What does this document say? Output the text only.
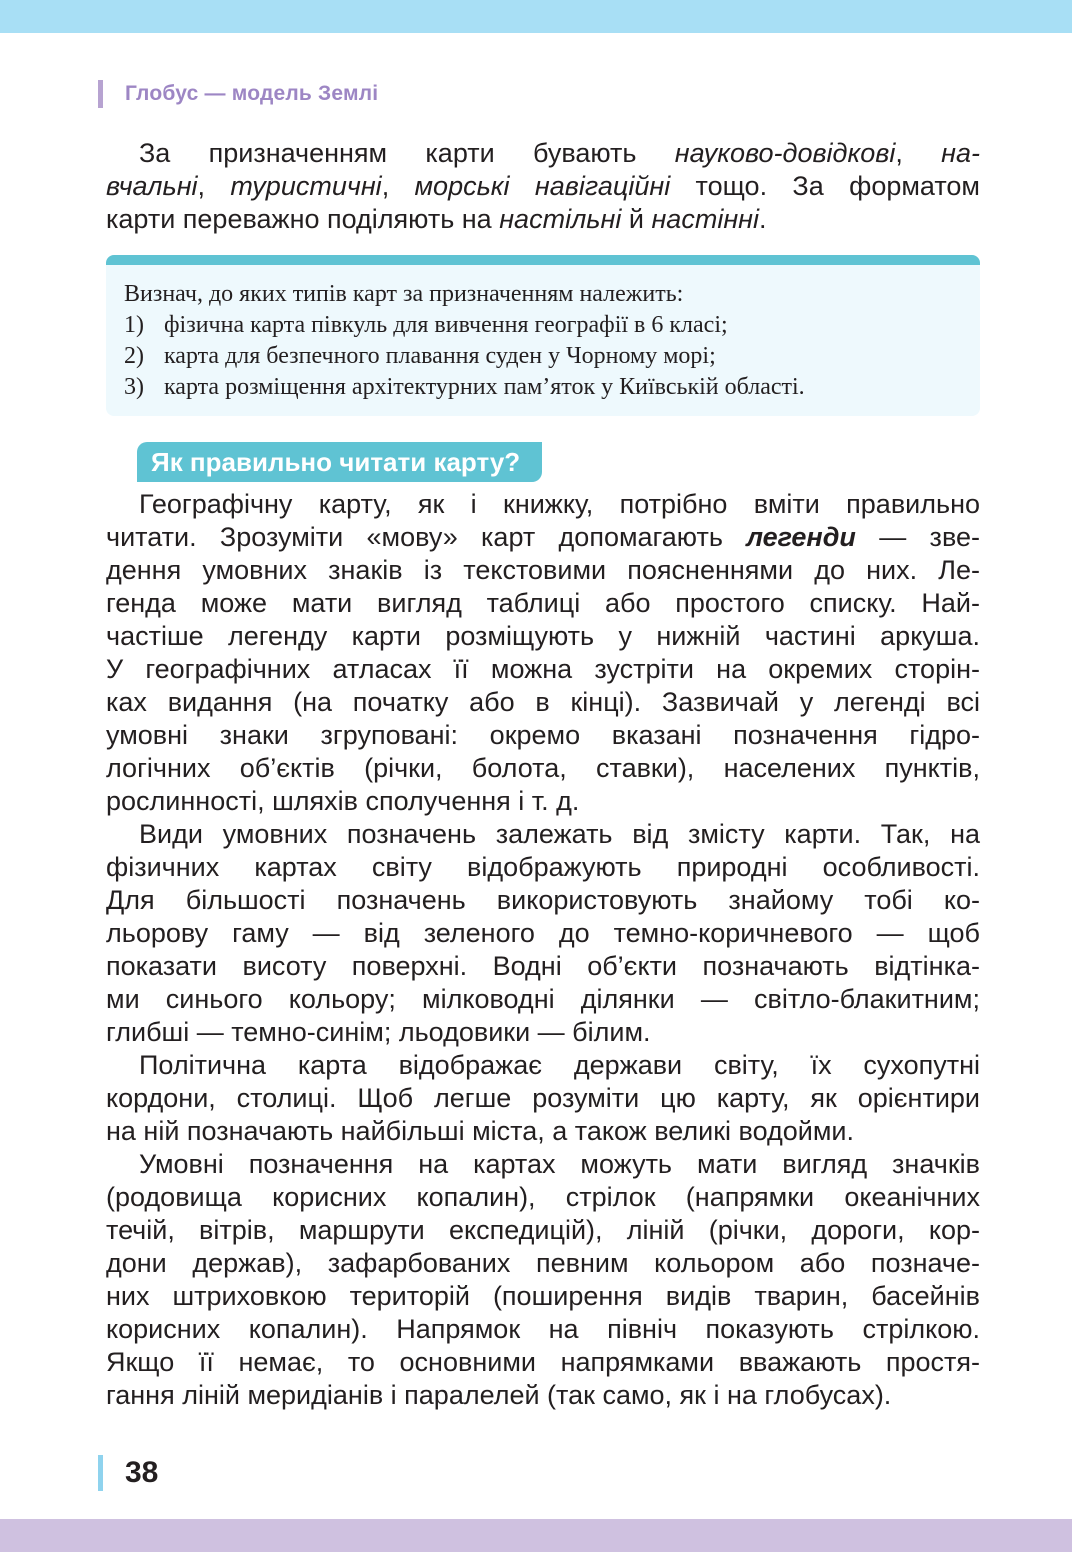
Глобус — модель Землі

За призначенням карти бувають науково-довідкові, на-
вчальні, туристичні, морські навігаційні тощо. За форматом
карти переважно поділяють на настільні й настінні.

Визнач, до яких типів карт за призначенням належить:
1) фізична карта півкуль для вивчення географії в 6 класі;
2) карта для безпечного плавання суден у Чорному морі;
3) карта розміщення архітектурних пам’яток у Київській області.
Як правильно читати карту?

Географічну карту, як і книжку, потрібно вміти правильно
читати. Зрозуміти «мову» карт допомагають легенди — зве-
дення умовних знаків із текстовими поясненнями до них. Ле-
генда може мати вигляд таблиці або простого списку. Най-
частіше легенду карти розміщують у нижній частині аркуша.
У географічних атласах її можна зустріти на окремих сторін-
ках видання (на початку або в кінці). Зазвичай у легенді всі
умовні знаки згруповані: окремо вказані позначення гідро-
логічних об’єктів (річки, болота, ставки), населених пунктів,
рослинності, шляхів сполучення і т. д.

Види умовних позначень залежать від змісту карти. Так, на
фізичних картах світу відображують природні особливості.
Для більшості позначень використовують знайому тобі ко-
льорову гаму — від зеленого до темно-коричневого — щоб
показати висоту поверхні. Водні об’єкти позначають відтінка-
ми синього кольору; мілководні ділянки — світло-блакитним;
глибші — темно-синім; льодовики — білим.

Політична карта відображає держави світу, їх сухопутні
кордони, столиці. Щоб легше розуміти цю карту, як орієнтири
на ній позначають найбільші міста, а також великі водойми.

Умовні позначення на картах можуть мати вигляд значків
(родовища корисних копалин), стрілок (напрямки океанічних
течій, вітрів, маршрути експедицій), ліній (річки, дороги, кор-
дони держав), зафарбованих певним кольором або позначе-
них штриховкою територій (поширення видів тварин, басейнів
корисних копалин). Напрямок на північ показують стрілкою.
Якщо її немає, то основними напрямками вважають простя-
гання ліній меридіанів і паралелей (так само, як і на глобусах).

38
